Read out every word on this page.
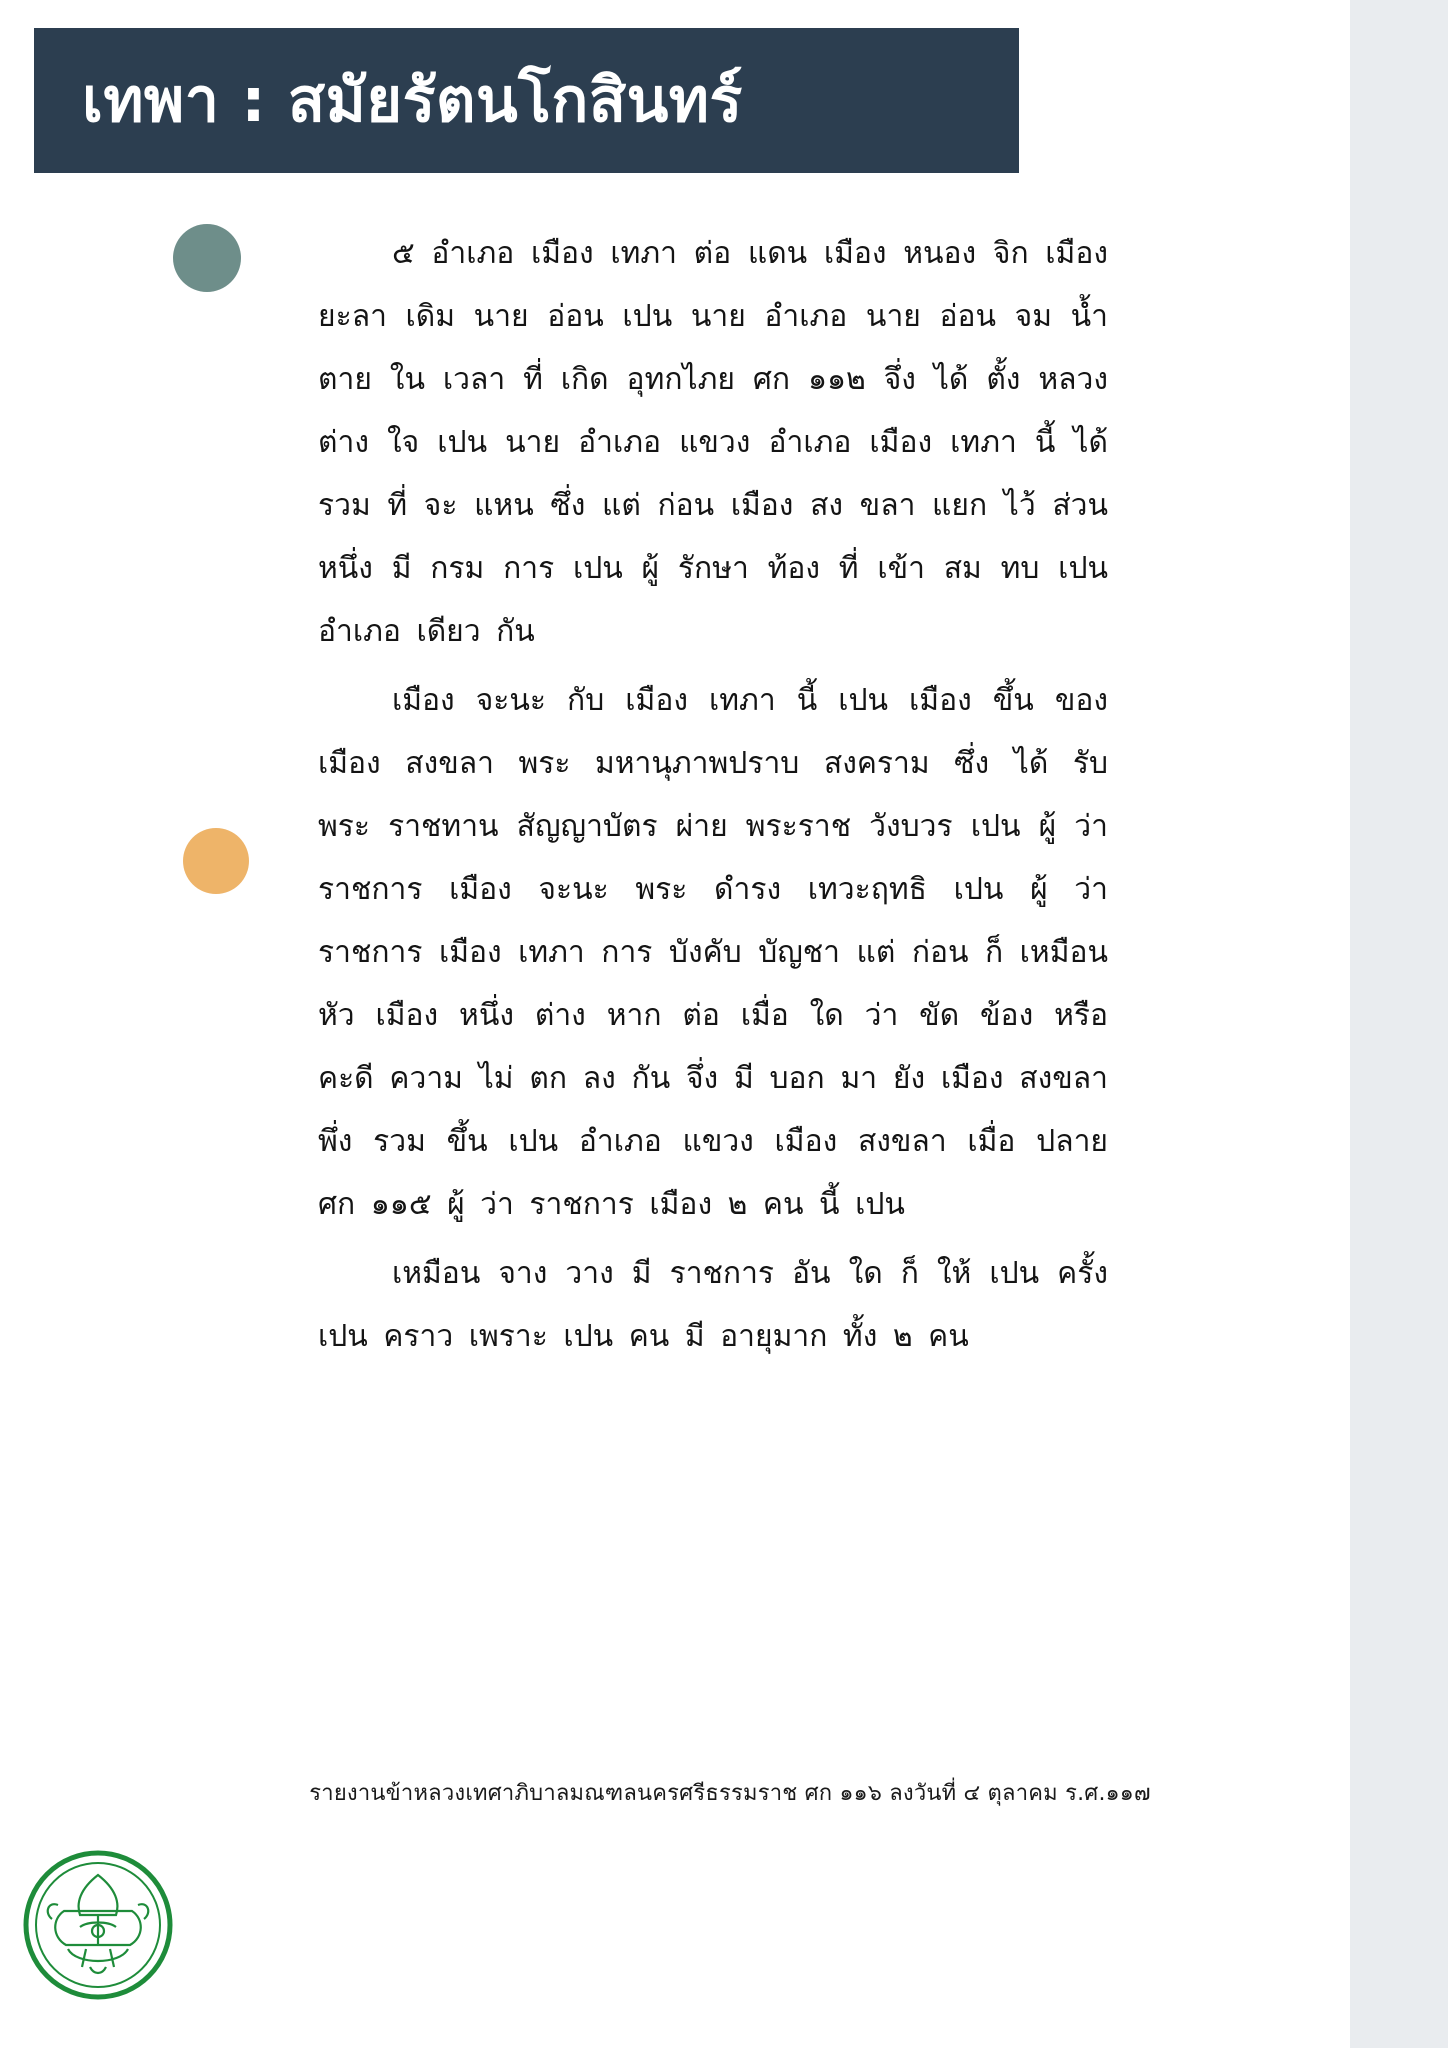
เทพา : สมัยรัตนโกสินทร์

๕ อำเภอ เมือง เทภา ต่อ แดน เมือง หนอง จิก เมือง ยะลา เดิม นาย อ่อน เปน นาย อำเภอ นาย อ่อน จม น้ำ ตาย ใน เวลา ที่ เกิด อุทกไภย ศก ๑๑๒ จึ่ง ได้ ตั้ง หลวง ต่าง ใจ เปน นาย อำเภอ แขวง อำเภอ เมือง เทภา นี้ ได้ รวม ที่ จะ แหน ซึ่ง แต่ ก่อน เมือง สง ขลา แยก ไว้ ส่วน หนึ่ง มี กรม การ เปน ผู้ รักษา ท้อง ที่ เข้า สม ทบ เปน อำเภอ เดียว กัน

เมือง จะนะ กับ เมือง เทภา นี้ เปน เมือง ขึ้น ของ เมือง สงขลา พระ มหานุภาพปราบ สงคราม ซึ่ง ได้ รับ พระ ราชทาน สัญญาบัตร ผ่าย พระราช วังบวร เปน ผู้ ว่า ราชการ เมือง จะนะ พระ ดำรง เทวะฤทธิ เปน ผู้ ว่า ราชการ เมือง เทภา การ บังคับ บัญชา แต่ ก่อน ก็ เหมือน หัว เมือง หนึ่ง ต่าง หาก ต่อ เมื่อ ใด ว่า ขัด ข้อง หรือ คะดี ความ ไม่ ตก ลง กัน จึ่ง มี บอก มา ยัง เมือง สงขลา พึ่ง รวม ขึ้น เปน อำเภอ แขวง เมือง สงขลา เมื่อ ปลาย ศก ๑๑๕ ผู้ ว่า ราชการ เมือง ๒ คน นี้ เปน

เหมือน จาง วาง มี ราชการ อัน ใด ก็ ให้ เปน ครั้ง เปน คราว เพราะ เปน คน มี อายุมาก ทั้ง ๒ คน

รายงานข้าหลวงเทศาภิบาลมณฑลนครศรีธรรมราช ศก ๑๑๖ ลงวันที่ ๔ ตุลาคม ร.ศ.๑๑๗
